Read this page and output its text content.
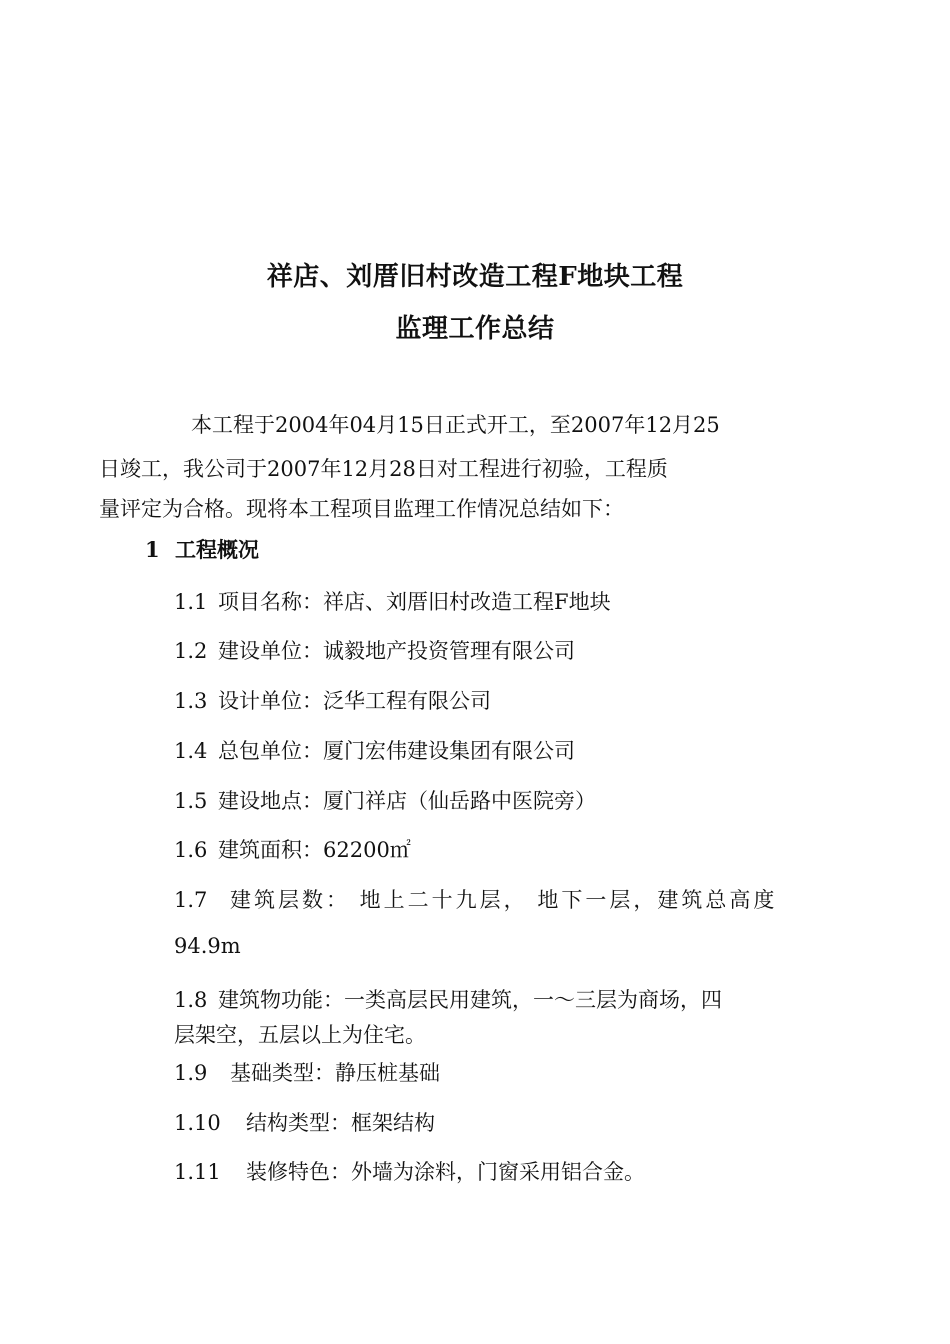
祥店、刘厝旧村改造工程F地块工程
监理工作总结
本工程于2004年04月15日正式开工，至2007年12月25
日竣工，我公司于2007年12月28日对工程进行初验，工程质
量评定为合格。现将本工程项目监理工作情况总结如下：
1 工程概况
1.1 项目名称：祥店、刘厝旧村改造工程F地块
1.2 建设单位：诚毅地产投资管理有限公司
1.3 设计单位：泛华工程有限公司
1.4 总包单位：厦门宏伟建设集团有限公司
1.5 建设地点：厦门祥店（仙岳路中医院旁）
1.6 建筑面积：62200㎡
1.7 建筑层数： 地上二十九层， 地下一层，建筑总高度
94.9m
1.8 建筑物功能：一类高层民用建筑，一～三层为商场，四
层架空，五层以上为住宅。
1.9 基础类型：静压桩基础
1.10 结构类型：框架结构
1.11 装修特色：外墙为涂料，门窗采用铝合金。
